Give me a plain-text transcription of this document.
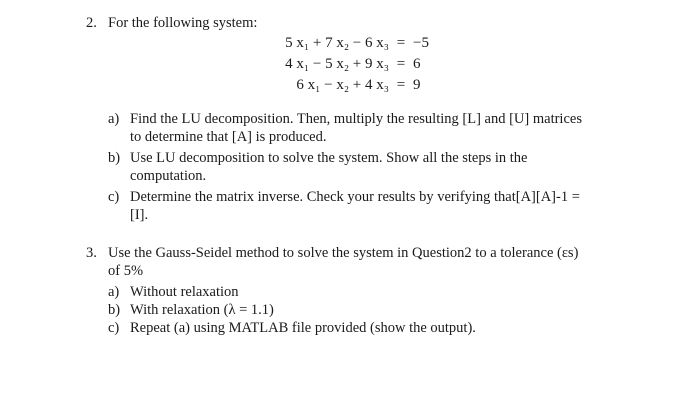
2. For the following system:
5 x₁ + 7 x₂ − 6 x₃ = −5
4 x₁ − 5 x₂ + 9 x₃ = 6
6 x₁ − x₂ + 4 x₃ = 9
a) Find the LU decomposition. Then, multiply the resulting [L] and [U] matrices
to determine that [A] is produced.
b) Use LU decomposition to solve the system. Show all the steps in the
computation.
c) Determine the matrix inverse. Check your results by verifying that[A][A]-1 =
[I].
3. Use the Gauss-Seidel method to solve the system in Question2 to a tolerance (εs)
of 5%
a) Without relaxation
b) With relaxation (λ = 1.1)
c) Repeat (a) using MATLAB file provided (show the output).
